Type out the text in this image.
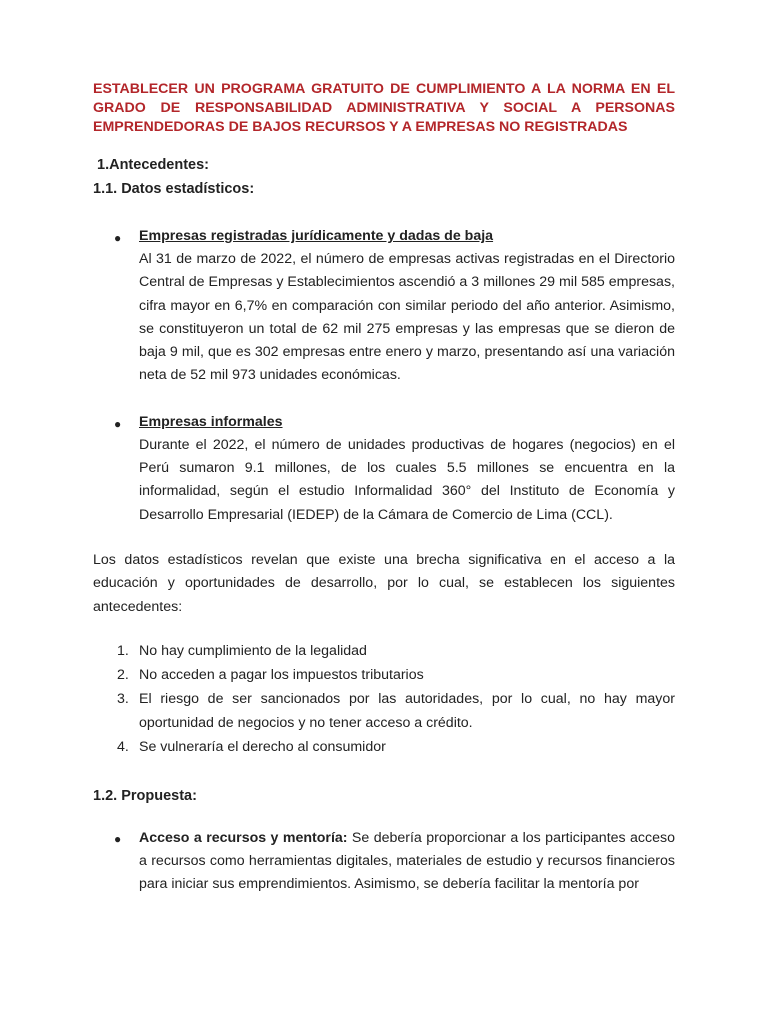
ESTABLECER UN PROGRAMA GRATUITO DE CUMPLIMIENTO A LA NORMA EN EL GRADO DE RESPONSABILIDAD ADMINISTRATIVA Y SOCIAL A PERSONAS EMPRENDEDORAS DE BAJOS RECURSOS Y A EMPRESAS NO REGISTRADAS

1.Antecedentes:

1.1. Datos estadísticos:

● Empresas registradas jurídicamente y dadas de baja

Al 31 de marzo de 2022, el número de empresas activas registradas en el Directorio Central de Empresas y Establecimientos ascendió a 3 millones 29 mil 585 empresas, cifra mayor en 6,7% en comparación con similar periodo del año anterior. Asimismo, se constituyeron un total de 62 mil 275 empresas y las empresas que se dieron de baja 9 mil, que es 302 empresas entre enero y marzo, presentando así una variación neta de 52 mil 973 unidades económicas.

● Empresas informales

Durante el 2022, el número de unidades productivas de hogares (negocios) en el Perú sumaron 9.1 millones, de los cuales 5.5 millones se encuentra en la informalidad, según el estudio Informalidad 360° del Instituto de Economía y Desarrollo Empresarial (IEDEP) de la Cámara de Comercio de Lima (CCL).

Los datos estadísticos revelan que existe una brecha significativa en el acceso a la educación y oportunidades de desarrollo, por lo cual, se establecen los siguientes antecedentes:

1. No hay cumplimiento de la legalidad
2. No acceden a pagar los impuestos tributarios
3. El riesgo de ser sancionados por las autoridades, por lo cual, no hay mayor oportunidad de negocios y no tener acceso a crédito.
4. Se vulneraría el derecho al consumidor

1.2. Propuesta:

● Acceso a recursos y mentoría: Se debería proporcionar a los participantes acceso a recursos como herramientas digitales, materiales de estudio y recursos financieros para iniciar sus emprendimientos. Asimismo, se debería facilitar la mentoría por
